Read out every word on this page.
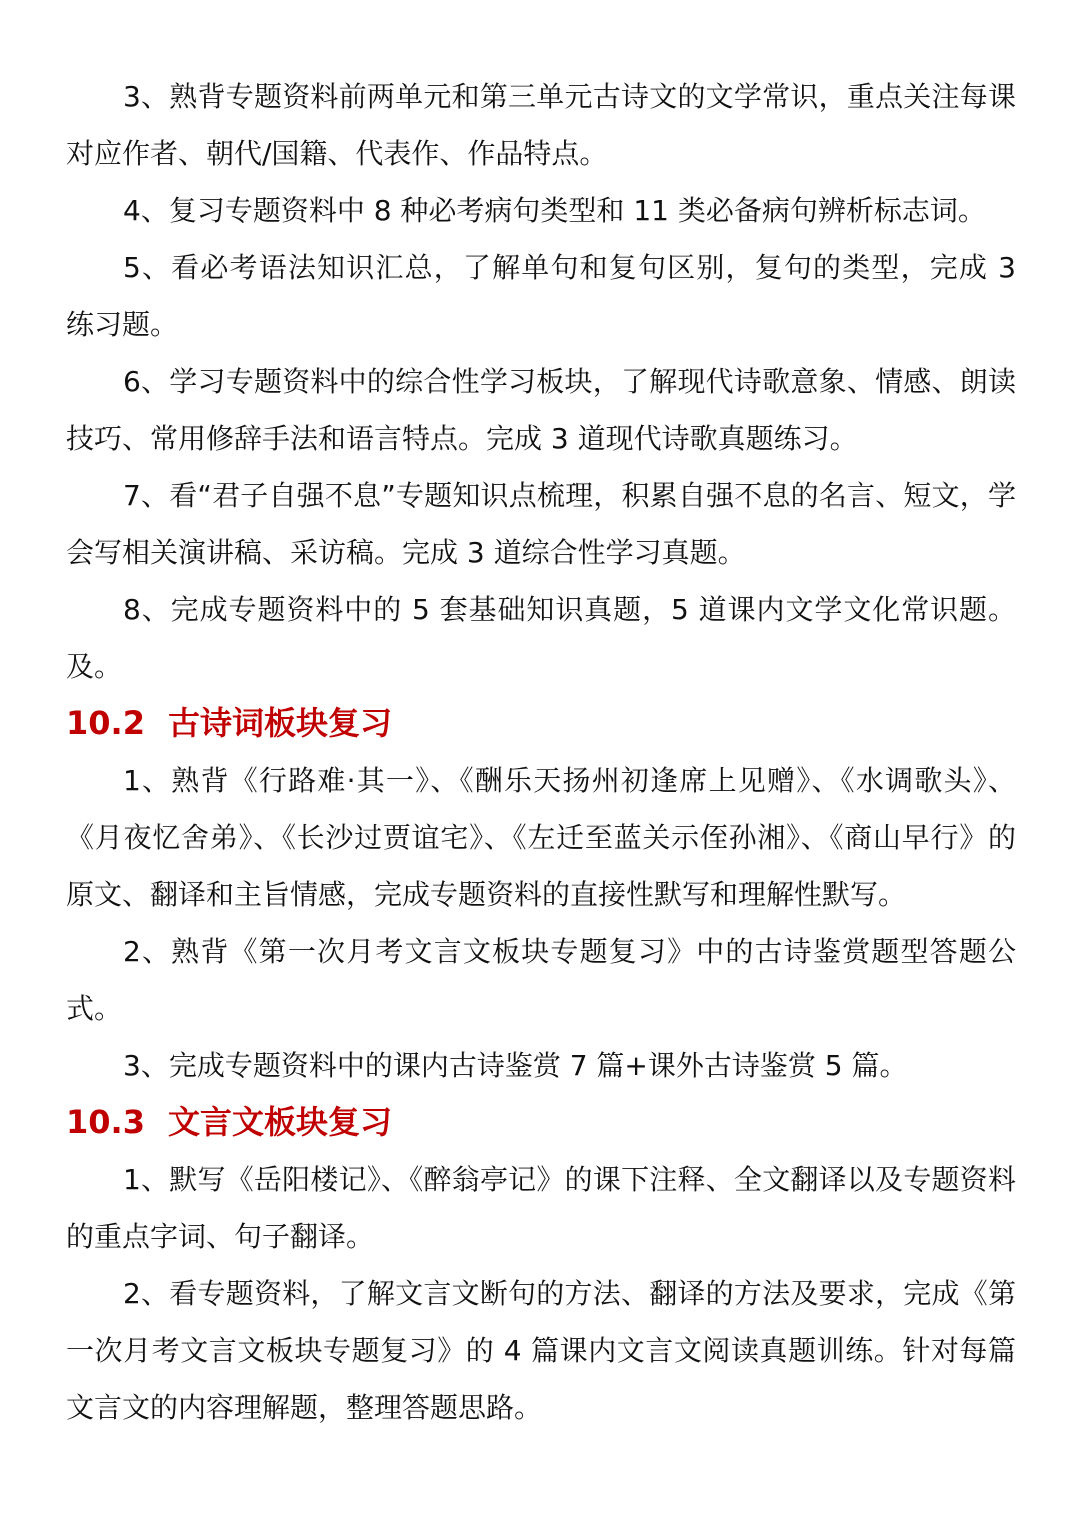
3、熟背专题资料前两单元和第三单元古诗文的文学常识，重点关注每课对应作者、朝代/国籍、代表作、作品特点。

4、复习专题资料中 8 种必考病句类型和 11 类必备病句辨析标志词。

5、看必考语法知识汇总，了解单句和复句区别，复句的类型，完成 3 练习题。

6、学习专题资料中的综合性学习板块，了解现代诗歌意象、情感、朗读技巧、常用修辞手法和语言特点。完成 3 道现代诗歌真题练习。

7、看“君子自强不息”专题知识点梳理，积累自强不息的名言、短文，学会写相关演讲稿、采访稿。完成 3 道综合性学习真题。

8、完成专题资料中的 5 套基础知识真题，5 道课内文学文化常识题。及。

10.2 古诗词板块复习

1、熟背《行路难·其一》、《酬乐天扬州初逢席上见赠》、《水调歌头》、《月夜忆舍弟》、《长沙过贾谊宅》、《左迁至蓝关示侄孙湘》、《商山早行》的原文、翻译和主旨情感，完成专题资料的直接性默写和理解性默写。

2、熟背《第一次月考文言文板块专题复习》中的古诗鉴赏题型答题公式。

3、完成专题资料中的课内古诗鉴赏 7 篇+课外古诗鉴赏 5 篇。

10.3 文言文板块复习

1、默写《岳阳楼记》、《醉翁亭记》的课下注释、全文翻译以及专题资料的重点字词、句子翻译。

2、看专题资料，了解文言文断句的方法、翻译的方法及要求，完成《第一次月考文言文板块专题复习》的 4 篇课内文言文阅读真题训练。针对每篇文言文的内容理解题，整理答题思路。
